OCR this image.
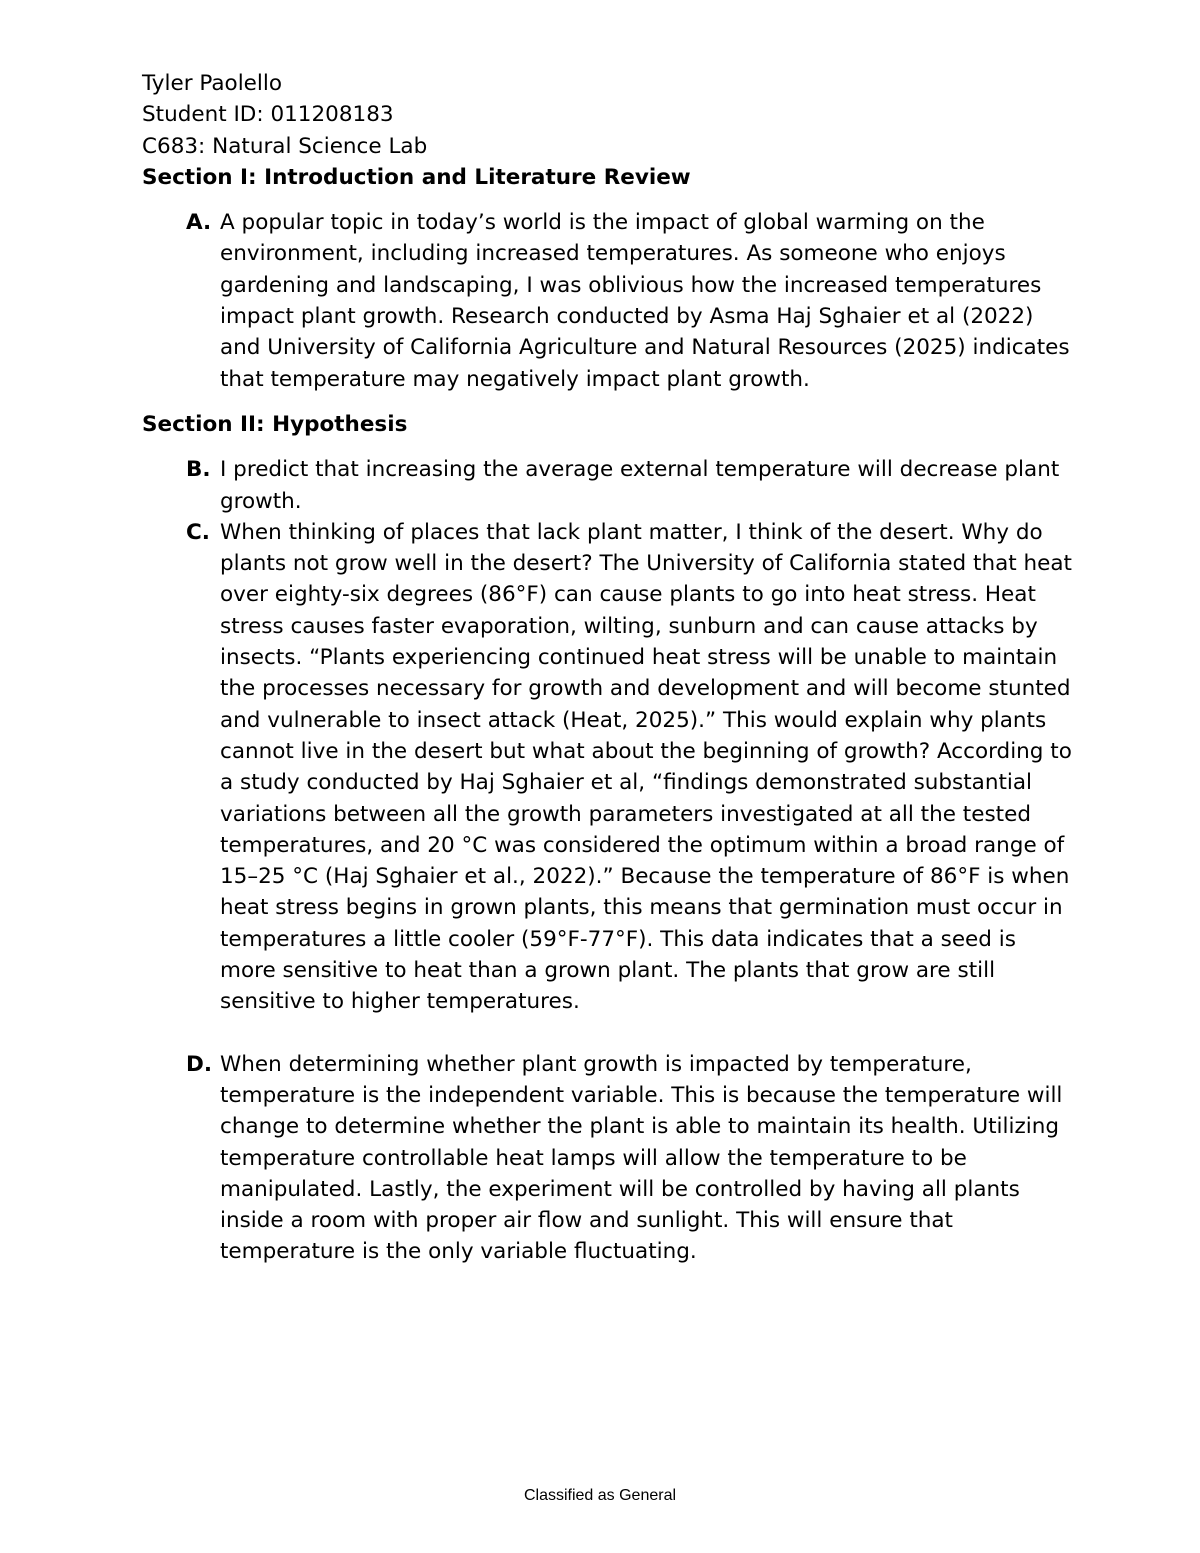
Tyler Paolello
Student ID: 011208183
C683: Natural Science Lab
Section I: Introduction and Literature Review
A. A popular topic in today’s world is the impact of global warming on the environment, including increased temperatures. As someone who enjoys gardening and landscaping, I was oblivious how the increased temperatures impact plant growth. Research conducted by Asma Haj Sghaier et al (2022) and University of California Agriculture and Natural Resources (2025) indicates that temperature may negatively impact plant growth.
Section II: Hypothesis
B. I predict that increasing the average external temperature will decrease plant growth.
C. When thinking of places that lack plant matter, I think of the desert. Why do plants not grow well in the desert? The University of California stated that heat over eighty-six degrees (86°F) can cause plants to go into heat stress. Heat stress causes faster evaporation, wilting, sunburn and can cause attacks by insects. “Plants experiencing continued heat stress will be unable to maintain the processes necessary for growth and development and will become stunted and vulnerable to insect attack (Heat, 2025).” This would explain why plants cannot live in the desert but what about the beginning of growth? According to a study conducted by Haj Sghaier et al, “findings demonstrated substantial variations between all the growth parameters investigated at all the tested temperatures, and 20 °C was considered the optimum within a broad range of 15–25 °C (Haj Sghaier et al., 2022).” Because the temperature of 86°F is when heat stress begins in grown plants, this means that germination must occur in temperatures a little cooler (59°F-77°F). This data indicates that a seed is more sensitive to heat than a grown plant. The plants that grow are still sensitive to higher temperatures.
D. When determining whether plant growth is impacted by temperature, temperature is the independent variable. This is because the temperature will change to determine whether the plant is able to maintain its health. Utilizing temperature controllable heat lamps will allow the temperature to be manipulated. Lastly, the experiment will be controlled by having all plants inside a room with proper air flow and sunlight. This will ensure that temperature is the only variable fluctuating.
Classified as General
